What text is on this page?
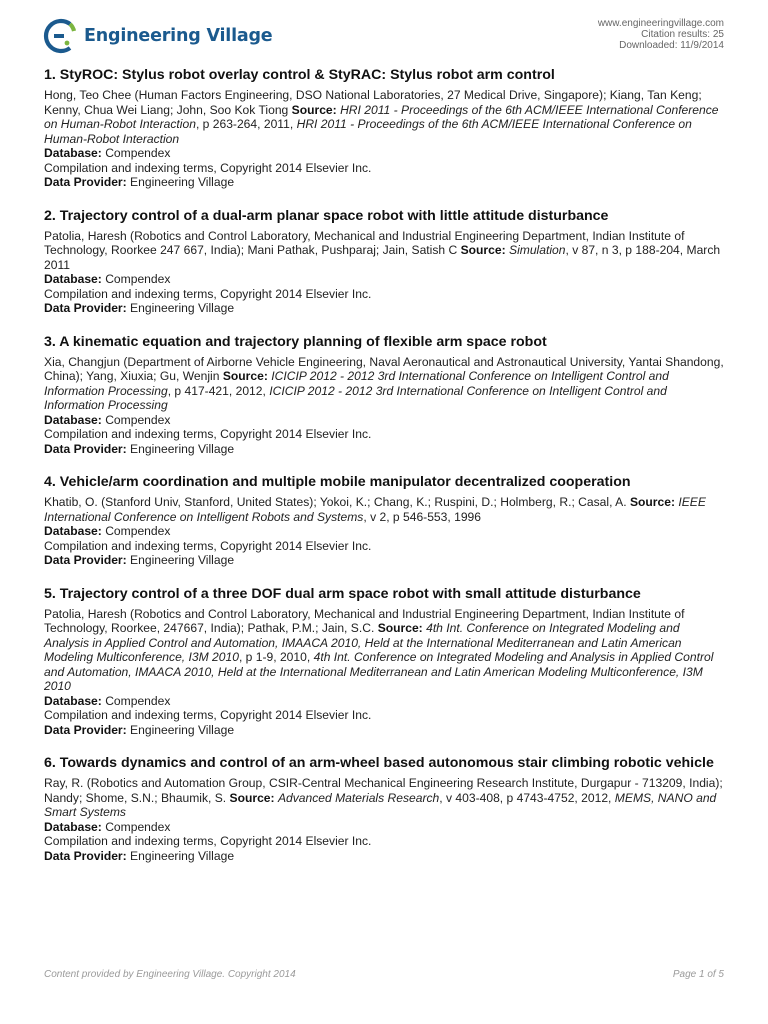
Engineering Village
www.engineeringvillage.com
Citation results: 25
Downloaded: 11/9/2014
1. StyROC: Stylus robot overlay control & StyRAC: Stylus robot arm control
Hong, Teo Chee (Human Factors Engineering, DSO National Laboratories, 27 Medical Drive, Singapore); Kiang, Tan Keng; Kenny, Chua Wei Liang; John, Soo Kok Tiong Source: HRI 2011 - Proceedings of the 6th ACM/IEEE International Conference on Human-Robot Interaction, p 263-264, 2011, HRI 2011 - Proceedings of the 6th ACM/IEEE International Conference on Human-Robot Interaction
Database: Compendex
Compilation and indexing terms, Copyright 2014 Elsevier Inc.
Data Provider: Engineering Village
2. Trajectory control of a dual-arm planar space robot with little attitude disturbance
Patolia, Haresh (Robotics and Control Laboratory, Mechanical and Industrial Engineering Department, Indian Institute of Technology, Roorkee 247 667, India); Mani Pathak, Pushparaj; Jain, Satish C Source: Simulation, v 87, n 3, p 188-204, March 2011
Database: Compendex
Compilation and indexing terms, Copyright 2014 Elsevier Inc.
Data Provider: Engineering Village
3. A kinematic equation and trajectory planning of flexible arm space robot
Xia, Changjun (Department of Airborne Vehicle Engineering, Naval Aeronautical and Astronautical University, Yantai Shandong, China); Yang, Xiuxia; Gu, Wenjin Source: ICICIP 2012 - 2012 3rd International Conference on Intelligent Control and Information Processing, p 417-421, 2012, ICICIP 2012 - 2012 3rd International Conference on Intelligent Control and Information Processing
Database: Compendex
Compilation and indexing terms, Copyright 2014 Elsevier Inc.
Data Provider: Engineering Village
4. Vehicle/arm coordination and multiple mobile manipulator decentralized cooperation
Khatib, O. (Stanford Univ, Stanford, United States); Yokoi, K.; Chang, K.; Ruspini, D.; Holmberg, R.; Casal, A. Source: IEEE International Conference on Intelligent Robots and Systems, v 2, p 546-553, 1996
Database: Compendex
Compilation and indexing terms, Copyright 2014 Elsevier Inc.
Data Provider: Engineering Village
5. Trajectory control of a three DOF dual arm space robot with small attitude disturbance
Patolia, Haresh (Robotics and Control Laboratory, Mechanical and Industrial Engineering Department, Indian Institute of Technology, Roorkee, 247667, India); Pathak, P.M.; Jain, S.C. Source: 4th Int. Conference on Integrated Modeling and Analysis in Applied Control and Automation, IMAACA 2010, Held at the International Mediterranean and Latin American Modeling Multiconference, I3M 2010, p 1-9, 2010, 4th Int. Conference on Integrated Modeling and Analysis in Applied Control and Automation, IMAACA 2010, Held at the International Mediterranean and Latin American Modeling Multiconference, I3M 2010
Database: Compendex
Compilation and indexing terms, Copyright 2014 Elsevier Inc.
Data Provider: Engineering Village
6. Towards dynamics and control of an arm-wheel based autonomous stair climbing robotic vehicle
Ray, R. (Robotics and Automation Group, CSIR-Central Mechanical Engineering Research Institute, Durgapur - 713209, India); Nandy; Shome, S.N.; Bhaumik, S. Source: Advanced Materials Research, v 403-408, p 4743-4752, 2012, MEMS, NANO and Smart Systems
Database: Compendex
Compilation and indexing terms, Copyright 2014 Elsevier Inc.
Data Provider: Engineering Village
Content provided by Engineering Village. Copyright 2014	Page 1 of 5
